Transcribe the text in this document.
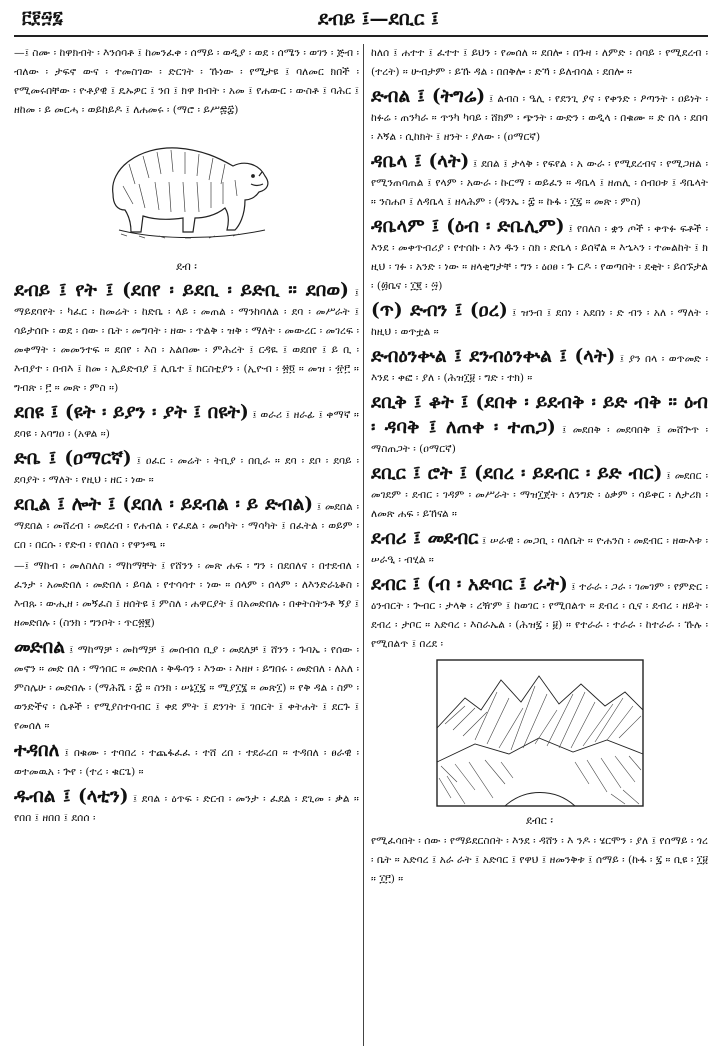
፫፻፵፯	ደብይ ፤—ደቢር ፤

—፤ ስሙ ፡ ከዋክብት ፡ እንሰባቶ ፤ ከመንፈቀ ፡ ሰማይ ፡ ወዲያ ፡ ወደ ፡ ሰሜን ፡ ወገን ፡ ጅብ ፡ ብለው ፡ ታፍኖ ውና ፡ ተመስገው ፡ ድርገት ፡ ኹነው ፡ የሚታዩ ፤ ባለመር ክበች ፡ የሚመሩበቸው ፡ ዮቶያዊ ፤ ዴኡዎር ፤ ንበ ፤ ክዋ ክብት ፡ አመ ፤ የሐውር ፡ ውስቶ ፤ ባሕር ፤ ዘከመ ፡ ይ መርሓ ፡ ወይከይዶ ፤ ለሐመሩ ፡ (ማሮ ፡ ይሥ፷፰)

ደብ ፡

ደብይ ፤ የት ፤ (ደበየ ፡ ይደቢ ፡ ይድቢ ። ደበወ) ፤ ማይደባየት ፡ ካፈር ፡ ከመሬት ፡ ከድቤ ፡ ላይ ፡ መጠል ፡ ማንከባለል ፡ ደባ ፡ መሥራት ፤ ሳይታሰቡ ፡ ወደ ፡ ሰው ፡ ቤት ፡ መግባት ፡ ዘው ፡ ጥልቅ ፡ ዝቅ ፡ ማለት ፡ መውረር ፡ መገረፍ ፡ መቀማት ፡ መመንተፍ ። ደበየ ፡ እስ ፡ አልበሙ ፡ ምሕረት ፤ ርዳዪ ፤ ወደበየ ፤ ይ ቢ ፡ እብያተ ፡ በብእ ፤ ከመ ፡ ኢይድብያ ፤ ሊቤተ ፤ ክርስቲያን ፡ (ኢዮብ ፡ ፳፬ ። መዝ ፡ ፹፫ ። ግብጽ ፡ ፫ ። መጽ ፡ ምስ ።)

ደበዩ ፤ (ዩት ፡ ይያን ፡ ያት ፤ በዩት) ፤ ወራሪ ፤ ዘራፊ ፤ ቀማኛ ። ደባዩ ፡ አባግዐ ፡ (አዋል ።)

ድቤ ፤ (ዐማርኛ) ፤ ዐፈር ፡ መሬት ፡ ትቢያ ፡ በቢራ ። ደባ ፡ ደቦ ፡ ደባይ ፡ ደባያት ፡ ማለት ፡ የዚህ ፡ ዘር ፡ ነው ።

ደቢል ፤ ሎት ፤ (ደበለ ፡ ይደብል ፡ ይ ድብል) ፤ መደበል ፡ ማደበል ፡ መሸረብ ፡ መደረብ ፡ የሐብል ፡ የፈደል ፡ መሰካት ፡ ማሳካት ፤ በፈትል ፡ ወይም ፡ ርበ ፡ በርሱ ፡ የድብ ፡ የበለስ ፡ የዋንጫ ።

—፤ ማከብ ፡ መለስለስ ፡ ማከማቸት ፤ የሸንን ፡ መጽ ሐፍ ፡ ግን ፡ በደበለና ፡ በተደብለ ፡ ፈንታ ፡ አመድበለ ፡ መድበለ ፡ ይባል ፡ የተሳሳተ ፡ ነው ። ሰላም ፡ ሰላም ፡ ለእንድራኒቆስ ፡ እብጹ ፡ ውሒዘ ፡ መኝፈስ ፤ ዘሰትዩ ፤ ምስለ ፡ ሐዋርያት ፤ በአመድበሉ ፡ በቀትስትንቶ ኝያ ፤ ዘመድበሉ ፡ (ስንክ ፡ ግንቦት ፡ ጥር፳፪)

መድበል ፤ ማከማቻ ፡ መከማቻ ፤ መሰብሰ ቢያ ፡ መደለቻ ፤ ሸንን ፡ ጉባኤ ፡ የሰው ፡ መኖን ። መድ በለ ፡ ማኅበር ። መድበለ ፡ ቅዱሳን ፡ እንው ፡ እዘዞ ፡ ይግበሩ ፡ መድበለ ፡ ለአለ ፡ ምስሌሁ ፡ መድበሉ ፡ (ማሕሼ ፡ ፰ ። ስንክ ፡ ሠኔ፲፯ ። ሚያ፲፮ ። መጽ፲) ። የቅ ዳል ፡ ስም ፡ ወንድችና ፡ ሴቶች ፡ የሚያስተባብር ፤ ቀደ ምት ፤ ደንገት ፤ ገበርት ፤ ቀትሐት ፤ ደርጉ ፤ የመሰለ ።

ተዳበለ ፤ በቁሙ ፡ ተባበረ ፡ ተጨፋፈፈ ፡ ተሸ ረበ ፡ ተደራረበ ። ተዳበለ ፡ ፀራዊ ፡ ወተመዉአ ፡ ጕየ ፡ (ተረ ፡ ቁርጌ) ።

ዱብል ፤ (ላቲን) ፤ ደባል ፡ ዕጥፍ ፡ ድርብ ፡ መንታ ፡ ፈደል ፡ ደጊመ ፡ ቃል ። የበበ ፤ ዘበበ ፤ ደሰሰ ፡

ከለሰ ፤ ሐተተ ፤ ፈተተ ፤ ይህን ፡ የመሰለ ። ደበሎ ፡ በጉዛ ፡ ለምድ ፡ ሰባይ ፡ የሚደረብ ፡ (ተረት) ። ሁብታም ፡ ይኹ ዳል ፡ በበቅሎ ፡ ድኻ ፡ ይለብሳል ፡ ደበሎ ።

ድብል ፤ (ትግሬ) ፤ ልብስ ፡ ዔሊ ፡ የደንጊ ያና ፡ የቀንድ ፡ ዖጣንት ፡ ዐይነት ፡ ከፉሬ ፡ ጠንካራ ። ጥንካ ካባይ ፡ ሸክም ፡ ጭንት ፡ ውድን ፡ ወዲላ ፡ በቁሙ ። ድ በላ ፡ ደበባ ፡ እኝል ፡ ሲከክት ፤ ዘንት ፡ ያለው ፡ (ዐማርኛ)

ዳቤላ ፤ (ላት) ፤ ደበል ፤ ታላቅ ፡ የፍየል ፡ አ ውራ ፡ የሚደረብና ፡ የሚጋዘል ፡ የሚንጠባጠል ፤ የላም ፡ አውራ ፡ ኩርማ ፡ ወይፈን ። ዳቤላ ፤ ዘጠሊ ፡ ሰብዐቱ ፤ ዳቤላት ። ንስሐቦ ፤ ለዳቤላ ፤ ዘላሕም ፡ (ዳንኤ ፡ ፰ ። ኩፋ ፡ ፲፯ ። መጽ ፡ ምስ)

ዳቤላም ፤ (ዕብ ፡ ድቤሊም) ፤ የበለስ ፡ ቋን ጦች ፡ ቀጥፉ ፍቶች ፡ እንደ ፡ መቀጥብሪያ ፡ የተሰኩ ፡ እን ዱን ፡ ስክ ፡ ድቤላ ፡ ይሰኛል ። እኄኣን ፡ ተመልከት ፤ ክ ዚህ ፡ ገፉ ፡ አንድ ፡ ነው ። ዘላቂግታቸ ፡ ግን ፡ ዕዐፀ ፡ ጉ ርዶ ፡ የወጣበት ፡ ደቂት ፡ ይሰኙታል ፡ (፴ቤና ፡ ፲፪ ፡ ፵)

(ጥ) ድብን ፤ (ዐረ) ፤ ዝንብ ፤ ደበነ ፡ አደበነ ፡ ድ ብን ፡ አለ ፡ ማለት ፡ ከዚህ ፡ ወጥቷል ።

ድብዕንቍል ፤ ደንብዕንቍል ፤ (ላት) ፤ ያን በላ ፡ ወጥመድ ፡ እንደ ፡ ቀፎ ፡ ያለ ፡ (ሕዝ፲፱ ፡ ግድ ፡ ተክ) ።

ደቢቅ ፤ ቆት ፤ (ደበቀ ፡ ይደብቅ ፡ ይድ ብቅ ። ዕብ ፡ ዳባቅ ፤ ለጠቀ ፡ ተጠጋ) ፤ መደበቅ ፡ መደባበቅ ፤ መሸጕጥ ፡ ማስጠጋት ፡ (ዐማርኛ)

ደቢር ፤ ሮት ፤ (ደበረ ፡ ይደብር ፡ ይድ ብር) ፤ መደበር ፡ መገደም ፡ ደብር ፡ ገዳም ፡ መሥራት ፡ ማዝ፲ጀት ፡ ለንግድ ፡ ዕቃም ፡ ሳይቀር ፡ ለታሪክ ፡ ለመጽ ሐፍ ፡ ይኸናል ።

ደብሪ ፤ መደብር ፤ ሠራዊ ፡ መጋቢ ፡ ባለቤት ። ዮሐንስ ፡ መደብር ፡ ዘውእቱ ፡ ሠራዒ ፡ ብሂል ።

ደብር ፤ (ብ ፡ አድባር ፤ ራት) ፤ ተራራ ፡ ጋራ ፡ ገመገም ፡ የምድር ፡ ዕንብርት ፡ ጕብር ፡ ታላቅ ፡ ረዥም ፤ ከወገር ፡ የሚበልጥ ። ደብረ ፡ ሲና ፡ ደብረ ፡ ዘይት ፡ ደብረ ፡ ታቦር ። አድባረ ፡ እስራኤል ፡ (ሕዝ፯ ፡ ፱) ። የተራራ ፡ ተራራ ፡ ከተራራ ፡ ኹሉ ፡ የሚበልጥ ፤ በረደ ፡

ደብር ፡

የሚፈሳበት ፡ ሰው ፡ የማይደርስበት ፡ እንደ ፡ ዳሸን ፡ እ ንዶ ፡ ሄርሞን ፡ ያለ ፤ የሰማይ ፡ ጎረ ፡ ቤት ። አድባረ ፤ አራ ራት ፤ አድባር ፤ የዋህ ፤ ዘመንቅቱ ፤ ሰማይ ፡ (ኩፋ ፡ ፯ ። ቢዩ ፡ ፲፱ ። ፲፫) ።
